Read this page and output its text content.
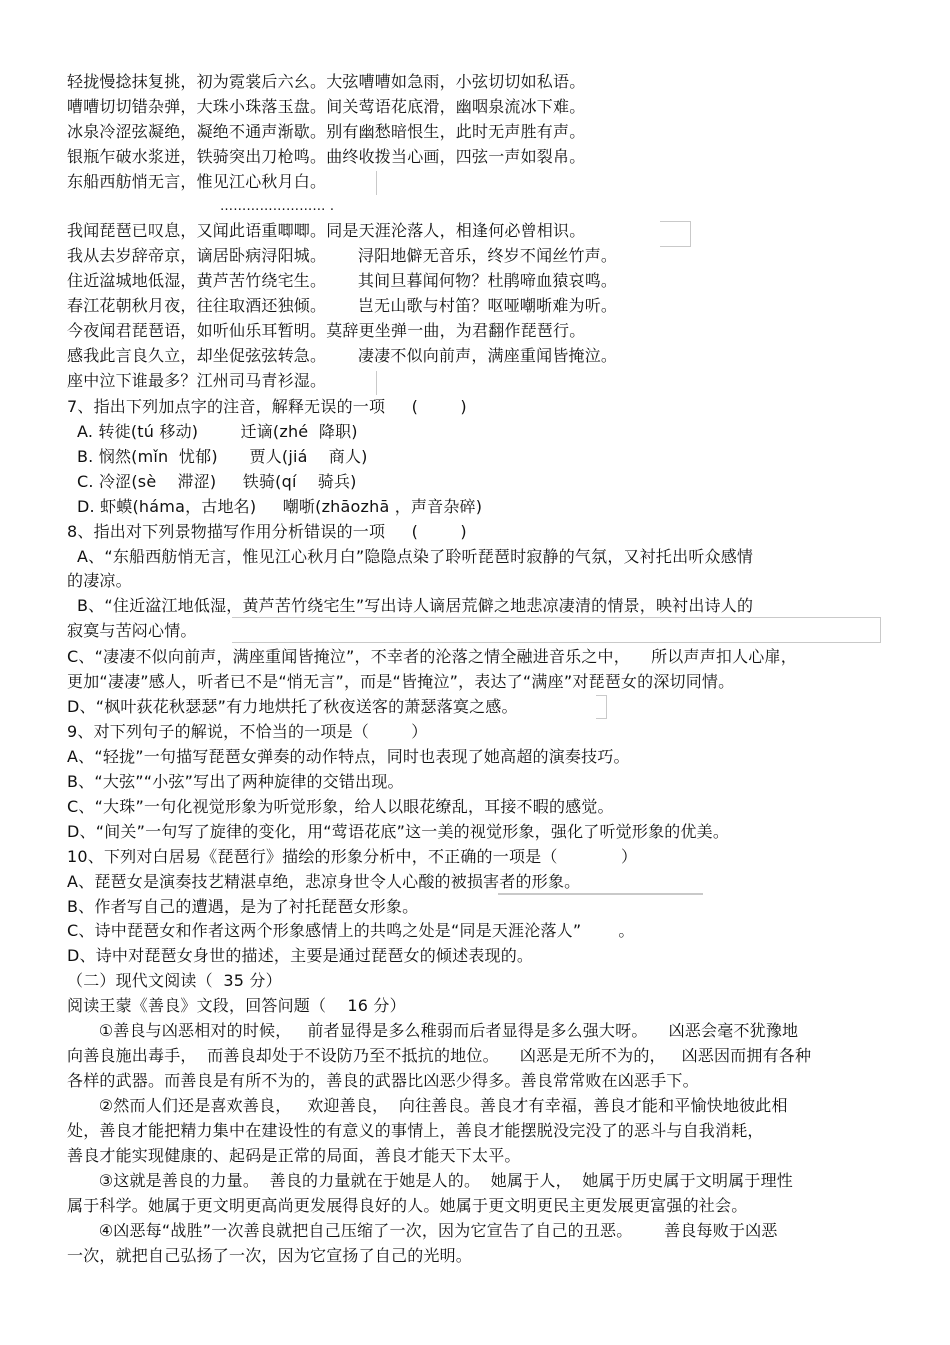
轻拢慢捻抹复挑，初为霓裳后六幺。大弦嘈嘈如急雨，小弦切切如私语。
嘈嘈切切错杂弹，大珠小珠落玉盘。间关莺语花底滑，幽咽泉流冰下难。
冰泉冷涩弦凝绝，凝绝不通声渐歇。别有幽愁暗恨生，此时无声胜有声。
银瓶乍破水浆迸，铁骑突出刀枪鸣。曲终收拨当心画，四弦一声如裂帛。
东船西舫悄无言，惟见江心秋月白。
…………………… .
我闻琵琶已叹息，又闻此语重唧唧。同是天涯沦落人，相逢何必曾相识。
我从去岁辞帝京，谪居卧病浔阳城。      浔阳地僻无音乐，终岁不闻丝竹声。
住近湓城地低湿，黄芦苦竹绕宅生。      其间旦暮闻何物？杜鹃啼血猿哀鸣。
春江花朝秋月夜，往往取酒还独倾。      岂无山歌与村笛？呕哑嘲哳难为听。
今夜闻君琵琶语，如听仙乐耳暂明。莫辞更坐弹一曲，为君翻作琵琶行。
感我此言良久立，却坐促弦弦转急。      凄凄不似向前声，满座重闻皆掩泣。
座中泣下谁最多？江州司马青衫湿。
7、指出下列加点字的注音，解释无误的一项     (        )
A. 转徙(tú 移动)        迁谪(zhé  降职)
B. 悯然(mǐn  忧郁)      贾人(jiá    商人)
C. 冷涩(sè    滞涩)     铁骑(qí    骑兵)
D. 虾蟆(háma，古地名)     嘲哳(zhāozhā ，声音杂碎)
8、指出对下列景物描写作用分析错误的一项     (        )
A、“东船西舫悄无言，惟见江心秋月白”隐隐点染了聆听琵琶时寂静的气氛，又衬托出听众感情
的凄凉。
B、“住近湓江地低湿，黄芦苦竹绕宅生”写出诗人谪居荒僻之地悲凉凄清的情景，映衬出诗人的
寂寞与苦闷心情。
C、“凄凄不似向前声，满座重闻皆掩泣”，不幸者的沦落之情全融进音乐之中，    所以声声扣人心扉，
更加“凄凄”感人，听者已不是“悄无言”，而是“皆掩泣”，表达了“满座”对琵琶女的深切同情。
D、“枫叶荻花秋瑟瑟”有力地烘托了秋夜送客的萧瑟落寞之感。
9、对下列句子的解说，不恰当的一项是（        ）
A、“轻拢”一句描写琵琶女弹奏的动作特点，同时也表现了她高超的演奏技巧。
B、“大弦”“小弦”写出了两种旋律的交错出现。
C、“大珠”一句化视觉形象为听觉形象，给人以眼花缭乱，耳接不暇的感觉。
D、“间关”一句写了旋律的变化，用“莺语花底”这一美的视觉形象，强化了听觉形象的优美。
10、下列对白居易《琵琶行》描绘的形象分析中，不正确的一项是（            ）
A、琵琶女是演奏技艺精湛卓绝，悲凉身世令人心酸的被损害者的形象。
B、作者写自己的遭遇，是为了衬托琵琶女形象。
C、诗中琵琶女和作者这两个形象感情上的共鸣之处是“同是天涯沦落人”       。
D、诗中对琵琶女身世的描述，主要是通过琵琶女的倾述表现的。
（二）现代文阅读（  35 分）
阅读王蒙《善良》文段，回答问题（    16 分）
①善良与凶恶相对的时候，   前者显得是多么稚弱而后者显得是多么强大呀。    凶恶会毫不犹豫地
向善良施出毒手，  而善良却处于不设防乃至不抵抗的地位。    凶恶是无所不为的，   凶恶因而拥有各种
各样的武器。而善良是有所不为的，善良的武器比凶恶少得多。善良常常败在凶恶手下。
②然而人们还是喜欢善良，   欢迎善良，  向往善良。善良才有幸福，善良才能和平愉快地彼此相
处，善良才能把精力集中在建设性的有意义的事情上，善良才能摆脱没完没了的恶斗与自我消耗，
善良才能实现健康的、起码是正常的局面，善良才能天下太平。
③这就是善良的力量。  善良的力量就在于她是人的。  她属于人，  她属于历史属于文明属于理性
属于科学。她属于更文明更高尚更发展得良好的人。她属于更文明更民主更发展更富强的社会。
④凶恶每“战胜”一次善良就把自己压缩了一次，因为它宣告了自己的丑恶。      善良每败于凶恶
一次，就把自己弘扬了一次，因为它宣扬了自己的光明。
